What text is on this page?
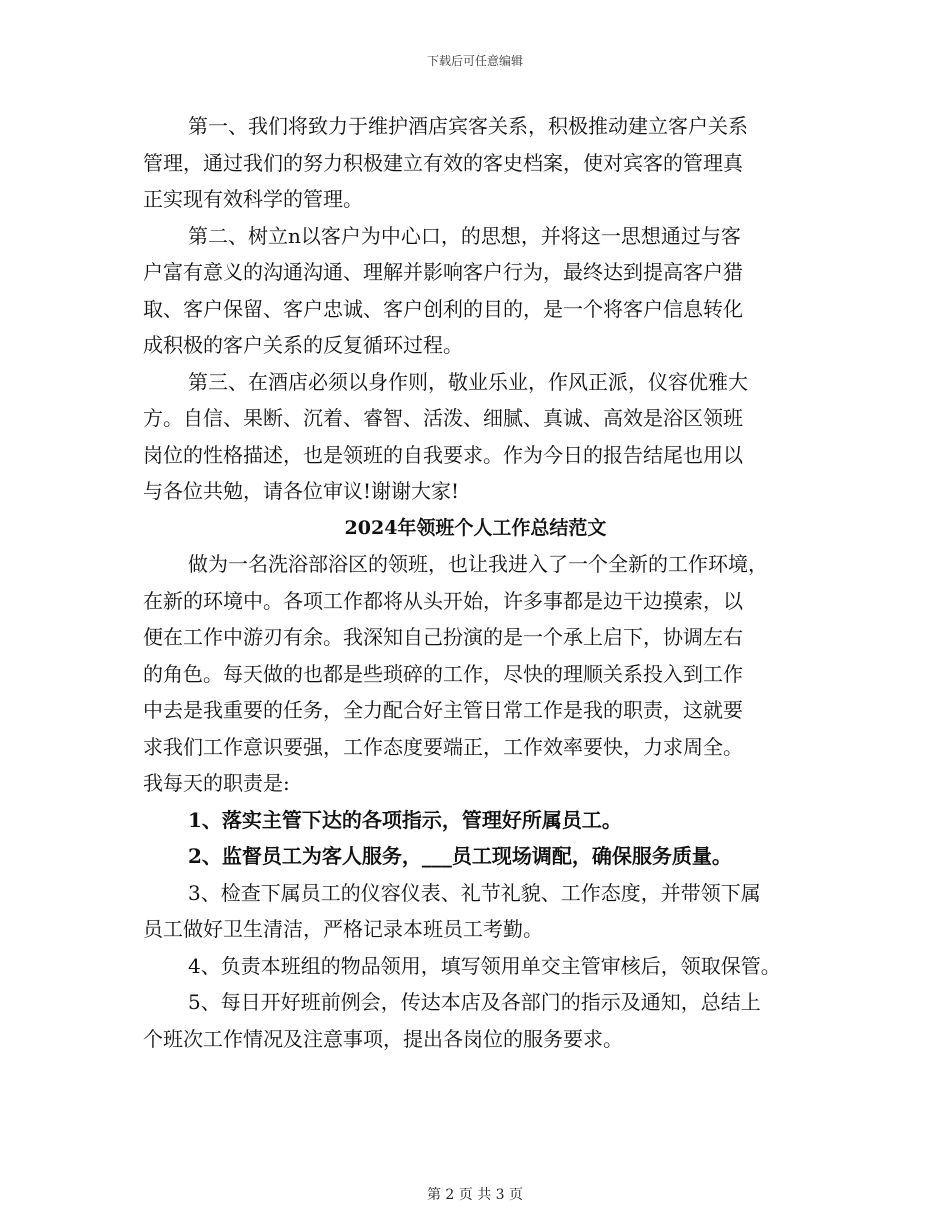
下载后可任意编辑
第一、我们将致力于维护酒店宾客关系，积极推动建立客户关系
管理，通过我们的努力积极建立有效的客史档案，使对宾客的管理真
正实现有效科学的管理。
第二、树立n以客户为中心口，的思想，并将这一思想通过与客
户富有意义的沟通沟通、理解并影响客户行为，最终达到提高客户猎
取、客户保留、客户忠诚、客户创利的目的，是一个将客户信息转化
成积极的客户关系的反复循环过程。
第三、在酒店必须以身作则，敬业乐业，作风正派，仪容优雅大
方。自信、果断、沉着、睿智、活泼、细腻、真诚、高效是浴区领班
岗位的性格描述，也是领班的自我要求。作为今日的报告结尾也用以
与各位共勉，请各位审议!谢谢大家!
2024年领班个人工作总结范文
做为一名洗浴部浴区的领班，也让我进入了一个全新的工作环境，
在新的环境中。各项工作都将从头开始，许多事都是边干边摸索，以
便在工作中游刃有余。我深知自己扮演的是一个承上启下，协调左右
的角色。每天做的也都是些琐碎的工作，尽快的理顺关系投入到工作
中去是我重要的任务，全力配合好主管日常工作是我的职责，这就要
求我们工作意识要强，工作态度要端正，工作效率要快，力求周全。
我每天的职责是:
1、落实主管下达的各项指示，管理好所属员工。
2、监督员工为客人服务，___员工现场调配，确保服务质量。
3、检查下属员工的仪容仪表、礼节礼貌、工作态度，并带领下属
员工做好卫生清洁，严格记录本班员工考勤。
4、负责本班组的物品领用，填写领用单交主管审核后，领取保管。
5、每日开好班前例会，传达本店及各部门的指示及通知，总结上
个班次工作情况及注意事项，提出各岗位的服务要求。
第 2 页 共 3 页
